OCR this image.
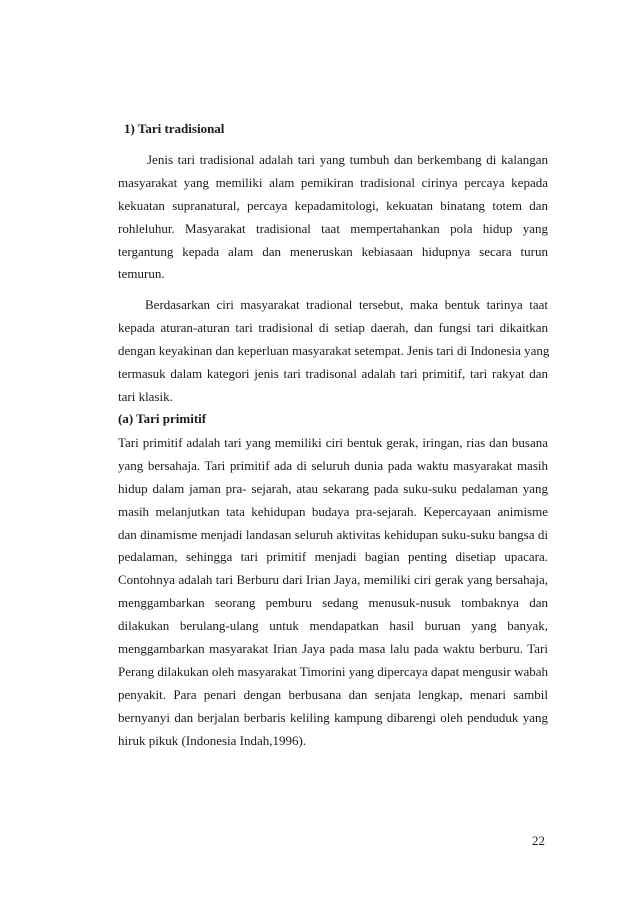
1) Tari tradisional
Jenis tari tradisional adalah tari yang tumbuh dan berkembang di kalangan
masyarakat yang memiliki alam pemikiran tradisional cirinya percaya kepada
kekuatan supranatural, percaya kepadamitologi, kekuatan binatang totem dan
rohleluhur. Masyarakat tradisional taat mempertahankan pola hidup yang
tergantung kepada alam dan meneruskan kebiasaan hidupnya secara turun
temurun.
Berdasarkan ciri masyarakat tradional tersebut, maka bentuk tarinya taat
kepada aturan-aturan tari tradisional di setiap daerah, dan fungsi tari dikaitkan
dengan keyakinan dan keperluan masyarakat setempat. Jenis tari di Indonesia yang
termasuk dalam kategori jenis tari tradisonal adalah tari primitif, tari rakyat dan
tari klasik.
(a) Tari primitif
Tari primitif adalah tari yang memiliki ciri bentuk gerak, iringan, rias dan busana
yang bersahaja. Tari primitif ada di seluruh dunia pada waktu masyarakat masih
hidup dalam jaman pra- sejarah, atau sekarang pada suku-suku pedalaman yang
masih melanjutkan tata kehidupan budaya pra-sejarah. Kepercayaan animisme
dan dinamisme menjadi landasan seluruh aktivitas kehidupan suku-suku bangsa di
pedalaman, sehingga tari primitif menjadi bagian penting disetiap upacara.
Contohnya adalah tari Berburu dari Irian Jaya, memiliki ciri gerak yang bersahaja,
menggambarkan seorang pemburu sedang menusuk-nusuk tombaknya dan
dilakukan berulang-ulang untuk mendapatkan hasil buruan yang banyak,
menggambarkan masyarakat Irian Jaya pada masa lalu pada waktu berburu. Tari
Perang dilakukan oleh masyarakat Timorini yang dipercaya dapat mengusir wabah
penyakit. Para penari dengan berbusana dan senjata lengkap, menari sambil
bernyanyi dan berjalan berbaris keliling kampung dibarengi oleh penduduk yang
hiruk pikuk (Indonesia Indah,1996).
22
